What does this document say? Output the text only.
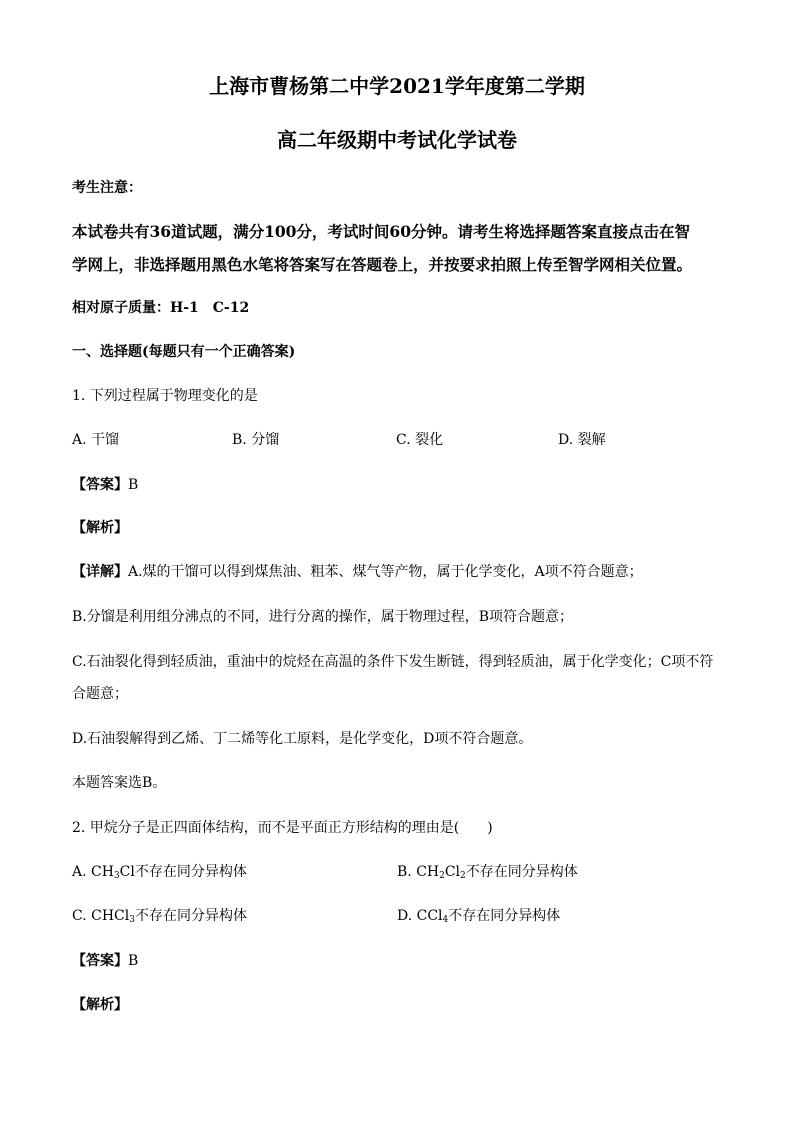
上海市曹杨第二中学2021学年度第二学期
高二年级期中考试化学试卷
考生注意：
本试卷共有36道试题，满分100分，考试时间60分钟。请考生将选择题答案直接点击在智
学网上，非选择题用黑色水笔将答案写在答题卷上，并按要求拍照上传至智学网相关位置。
相对原子质量：H-1　C-12
一、选择题(每题只有一个正确答案)
1. 下列过程属于物理变化的是
A. 干馏	B. 分馏	C. 裂化	D. 裂解
【答案】B
【解析】
【详解】A.煤的干馏可以得到煤焦油、粗苯、煤气等产物，属于化学变化，A项不符合题意；
B.分馏是利用组分沸点的不同，进行分离的操作，属于物理过程，B项符合题意；
C.石油裂化得到轻质油，重油中的烷烃在高温的条件下发生断链，得到轻质油，属于化学变化；C项不符
合题意；
D.石油裂解得到乙烯、丁二烯等化工原料，是化学变化，D项不符合题意。
本题答案选B。
2. 甲烷分子是正四面体结构，而不是平面正方形结构的理由是(　　)
A. $CH_3Cl$不存在同分异构体	B. $CH_2Cl_2$不存在同分异构体
C. CHCl$_3$不存在同分异构体	D. CCl$_4$不存在同分异构体
【答案】B
【解析】
